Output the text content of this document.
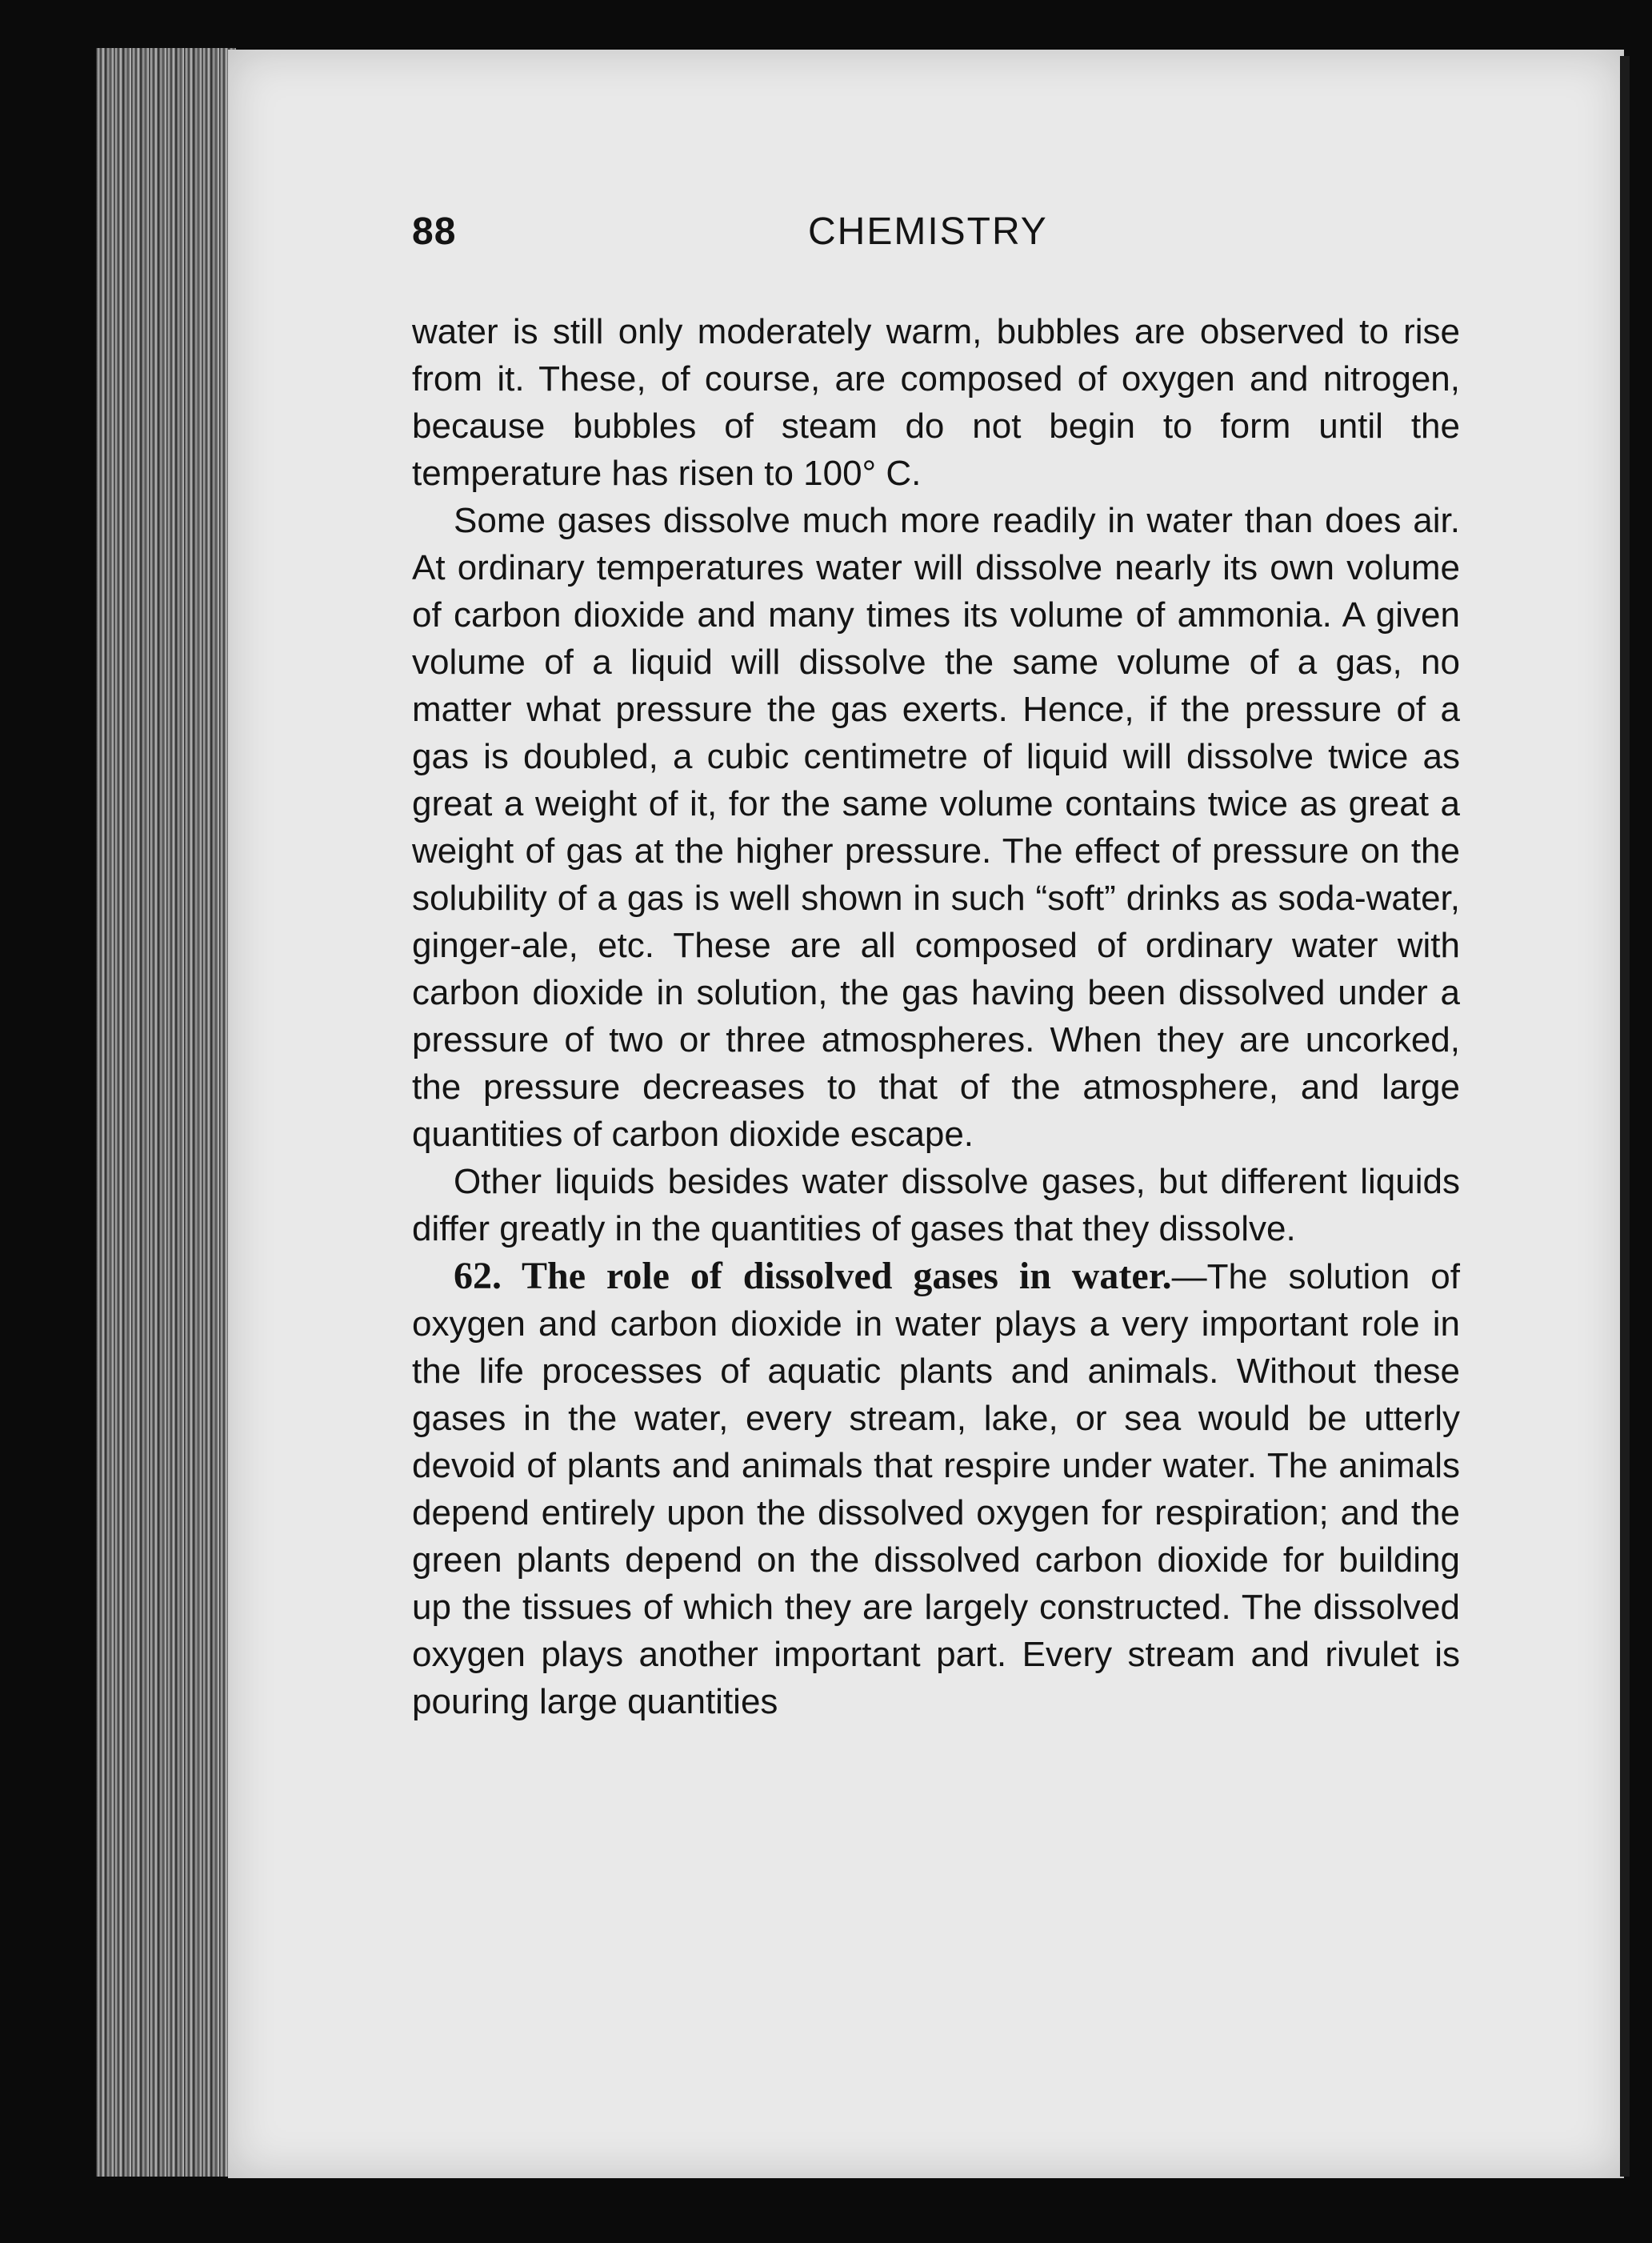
88	CHEMISTRY

water is still only moderately warm, bubbles are observed to rise from it. These, of course, are composed of oxygen and nitrogen, because bubbles of steam do not begin to form until the temperature has risen to 100° C.

Some gases dissolve much more readily in water than does air. At ordinary temperatures water will dissolve nearly its own volume of carbon dioxide and many times its volume of ammonia. A given volume of a liquid will dissolve the same volume of a gas, no matter what pressure the gas exerts. Hence, if the pressure of a gas is doubled, a cubic centimetre of liquid will dissolve twice as great a weight of it, for the same volume contains twice as great a weight of gas at the higher pressure. The effect of pressure on the solubility of a gas is well shown in such “soft” drinks as soda-water, ginger-ale, etc. These are all composed of ordinary water with carbon dioxide in solution, the gas having been dissolved under a pressure of two or three atmospheres. When they are uncorked, the pressure decreases to that of the atmosphere, and large quantities of carbon dioxide escape.

Other liquids besides water dissolve gases, but different liquids differ greatly in the quantities of gases that they dissolve.

62. The role of dissolved gases in water.—The solution of oxygen and carbon dioxide in water plays a very important role in the life processes of aquatic plants and animals. Without these gases in the water, every stream, lake, or sea would be utterly devoid of plants and animals that respire under water. The animals depend entirely upon the dissolved oxygen for respiration; and the green plants depend on the dissolved carbon dioxide for building up the tissues of which they are largely constructed. The dissolved oxygen plays another important part. Every stream and rivulet is pouring large quantities
